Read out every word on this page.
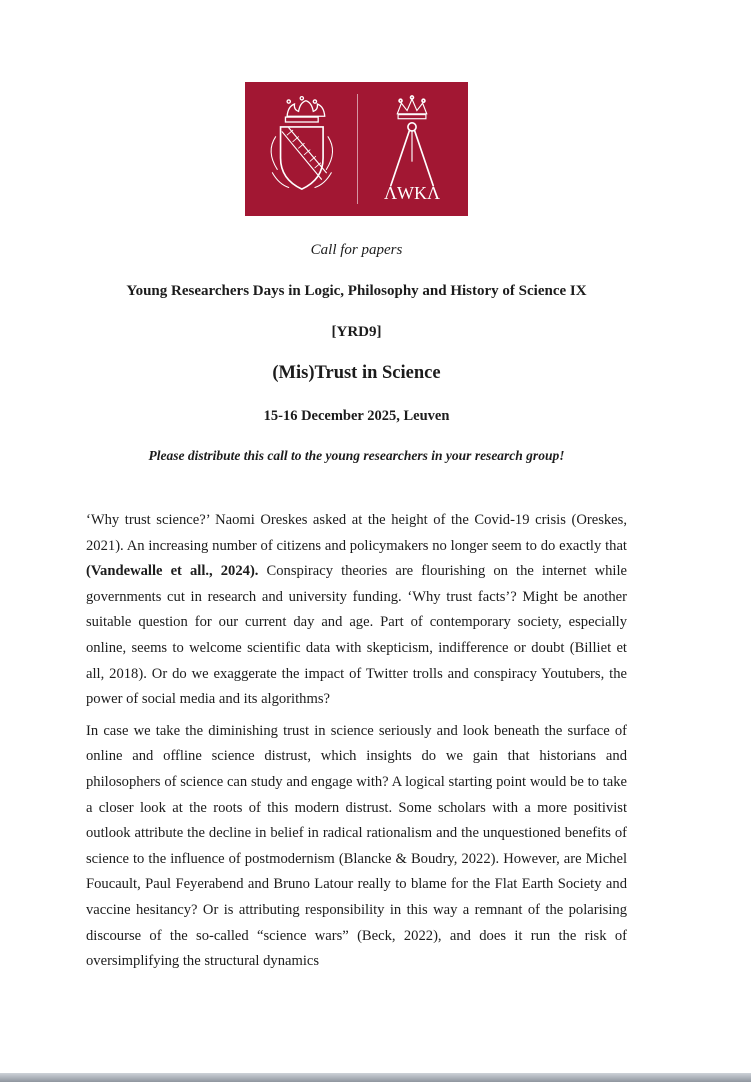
ΛWKΛ
Call for papers
Young Researchers Days in Logic, Philosophy and History of Science IX
[YRD9]
(Mis)Trust in Science
15-16 December 2025, Leuven
Please distribute this call to the young researchers in your research group!

‘Why trust science?’ Naomi Oreskes asked at the height of the Covid-19 crisis (Oreskes, 2021). An increasing number of citizens and policymakers no longer seem to do exactly that (Vandewalle et all., 2024). Conspiracy theories are flourishing on the internet while governments cut in research and university funding. ‘Why trust facts’? Might be another suitable question for our current day and age. Part of contemporary society, especially online, seems to welcome scientific data with skepticism, indifference or doubt (Billiet et all, 2018). Or do we exaggerate the impact of Twitter trolls and conspiracy Youtubers, the power of social media and its algorithms?

In case we take the diminishing trust in science seriously and look beneath the surface of online and offline science distrust, which insights do we gain that historians and philosophers of science can study and engage with? A logical starting point would be to take a closer look at the roots of this modern distrust. Some scholars with a more positivist outlook attribute the decline in belief in radical rationalism and the unquestioned benefits of science to the influence of postmodernism (Blancke & Boudry, 2022). However, are Michel Foucault, Paul Feyerabend and Bruno Latour really to blame for the Flat Earth Society and vaccine hesitancy? Or is attributing responsibility in this way a remnant of the polarising discourse of the so-called “science wars” (Beck, 2022), and does it run the risk of oversimplifying the structural dynamics
